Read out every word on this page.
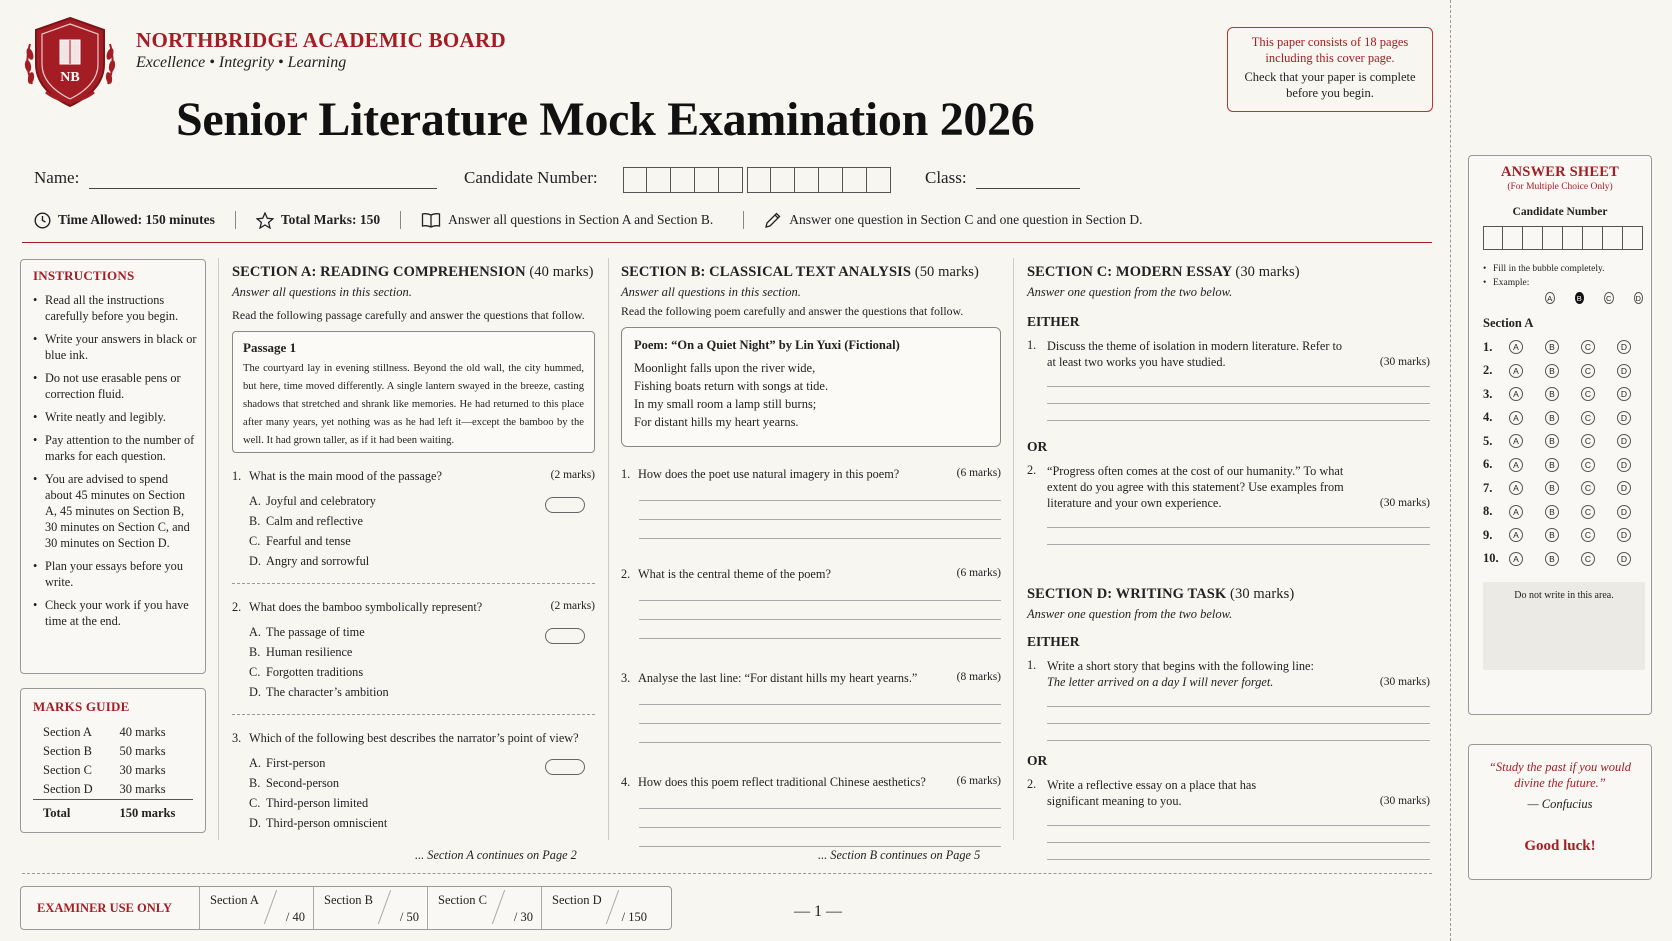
NB
NORTHBRIDGE ACADEMIC BOARD
Excellence • Integrity • Learning
Senior Literature Mock Examination 2026
This paper consists of 18 pages including this cover page.
Check that your paper is complete before you begin.
Name:	Candidate Number:	Class:
Time Allowed: 150 minutes	Total Marks: 150	Answer all questions in Section A and Section B.	Answer one question in Section C and one question in Section D.
INSTRUCTIONS
• Read all the instructions carefully before you begin.
• Write your answers in black or blue ink.
• Do not use erasable pens or correction fluid.
• Write neatly and legibly.
• Pay attention to the number of marks for each question.
• You are advised to spend about 45 minutes on Section A, 45 minutes on Section B, 30 minutes on Section C, and 30 minutes on Section D.
• Plan your essays before you write.
• Check your work if you have time at the end.
MARKS GUIDE
Section A	40 marks
Section B	50 marks
Section C	30 marks
Section D	30 marks
Total	150 marks
SECTION A: READING COMPREHENSION (40 marks)
Answer all questions in this section.
Read the following passage carefully and answer the questions that follow.
Passage 1
The courtyard lay in evening stillness. Beyond the old wall, the city hummed, but here, time moved differently. A single lantern swayed in the breeze, casting shadows that stretched and shrank like memories. He had returned to this place after many years, yet nothing was as he had left it—except the bamboo by the well. It had grown taller, as if it had been waiting.
1. What is the main mood of the passage?	(2 marks)
A. Joyful and celebratory
B. Calm and reflective
C. Fearful and tense
D. Angry and sorrowful
2. What does the bamboo symbolically represent?	(2 marks)
A. The passage of time
B. Human resilience
C. Forgotten traditions
D. The character’s ambition
3. Which of the following best describes the narrator’s point of view?
A. First-person
B. Second-person
C. Third-person limited
D. Third-person omniscient
... Section A continues on Page 2
SECTION B: CLASSICAL TEXT ANALYSIS (50 marks)
Answer all questions in this section.
Read the following poem carefully and answer the questions that follow.
Poem: “On a Quiet Night” by Lin Yuxi (Fictional)
Moonlight falls upon the river wide,
Fishing boats return with songs at tide.
In my small room a lamp still burns;
For distant hills my heart yearns.
1. How does the poet use natural imagery in this poem?	(6 marks)
2. What is the central theme of the poem?	(6 marks)
3. Analyse the last line: “For distant hills my heart yearns.”	(8 marks)
4. How does this poem reflect traditional Chinese aesthetics?	(6 marks)
... Section B continues on Page 5
SECTION C: MODERN ESSAY (30 marks)
Answer one question from the two below.
EITHER
1. Discuss the theme of isolation in modern literature. Refer to at least two works you have studied.	(30 marks)
OR
2. “Progress often comes at the cost of our humanity.” To what extent do you agree with this statement? Use examples from literature and your own experience.	(30 marks)
SECTION D: WRITING TASK (30 marks)
Answer one question from the two below.
EITHER
1. Write a short story that begins with the following line:
The letter arrived on a day I will never forget.	(30 marks)
OR
2. Write a reflective essay on a place that has significant meaning to you.	(30 marks)
EXAMINER USE ONLY
Section A
/ 40
Section B
/ 50
Section C
/ 30
Section D
/ 150	— 1 —
ANSWER SHEET
(For Multiple Choice Only)
Candidate Number
• Fill in the bubble completely.
• Example:
A	B	C	D
Section A
1.	A	B	C	D
2.	A	B	C	D
3.	A	B	C	D
4.	A	B	C	D
5.	A	B	C	D
6.	A	B	C	D
7.	A	B	C	D
8.	A	B	C	D
9.	A	B	C	D
10.	A	B	C	D
Do not write in this area.
“Study the past if you would divine the future.”
— Confucius
Good luck!
